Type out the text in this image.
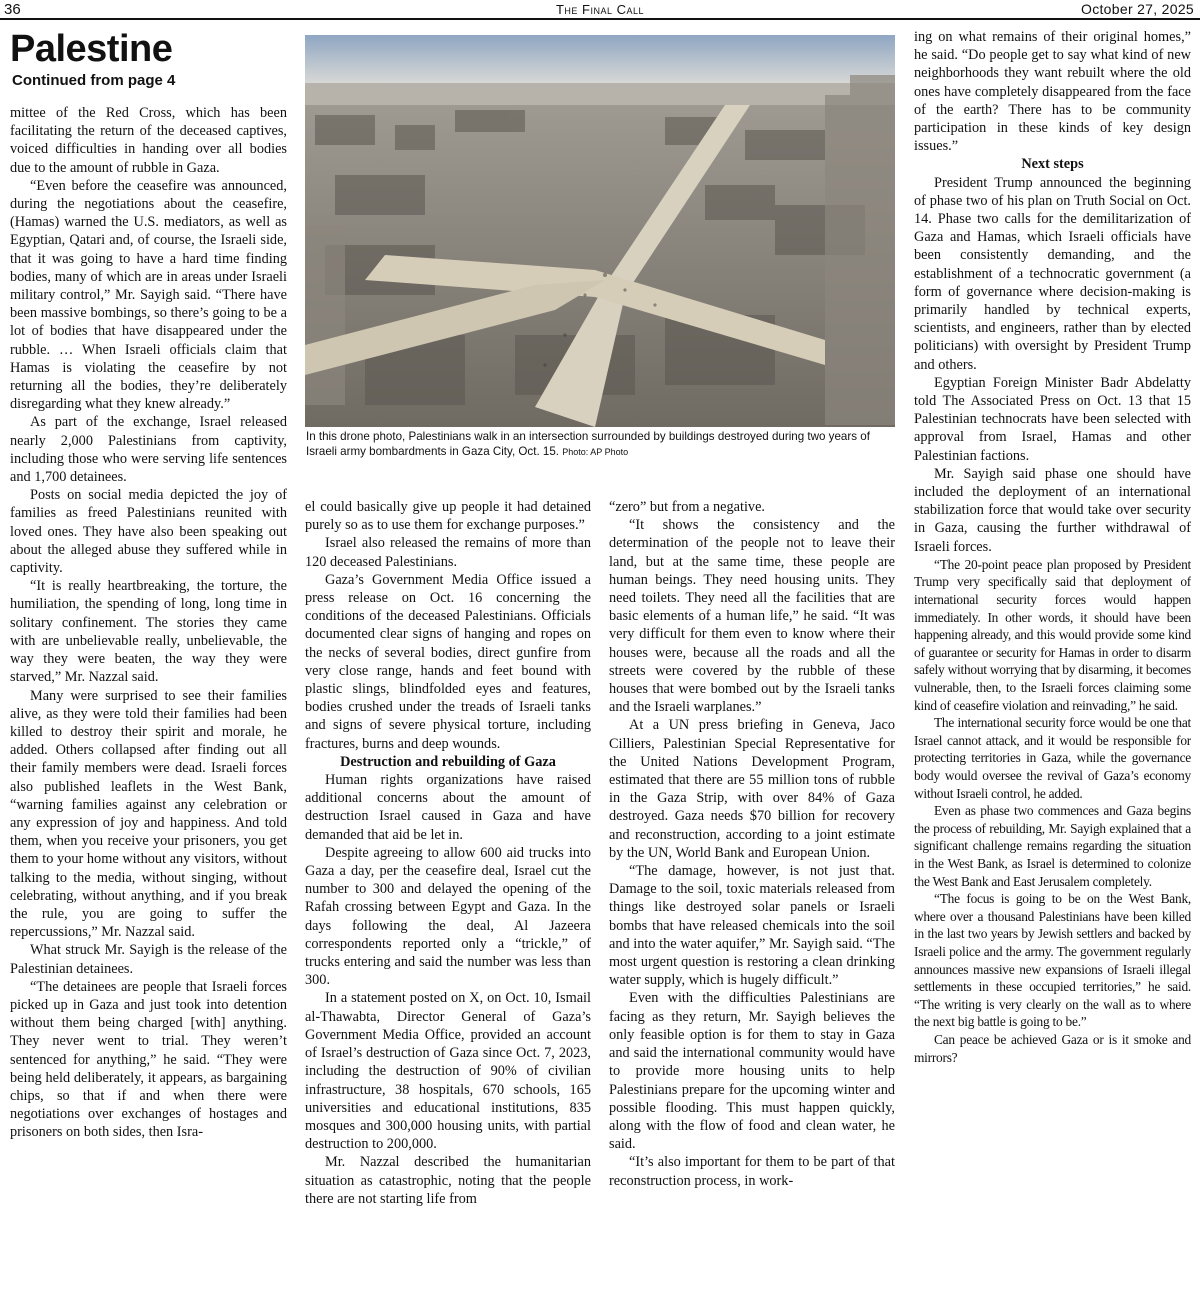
36	The Final Call	October 27, 2025
Palestine
Continued from page 4
In this drone photo, Palestinians walk in an intersection surrounded by buildings destroyed during two years of Israeli army bombardments in Gaza City, Oct. 15. Photo: AP Photo

mittee of the Red Cross, which has been facilitating the return of the deceased captives, voiced difficulties in handing over all bodies due to the amount of rubble in Gaza.

“Even before the ceasefire was announced, during the negotiations about the ceasefire, (Hamas) warned the U.S. mediators, as well as Egyptian, Qatari and, of course, the Israeli side, that it was going to have a hard time finding bodies, many of which are in areas under Israeli military control,” Mr. Sayigh said. “There have been massive bombings, so there’s going to be a lot of bodies that have disappeared under the rubble. … When Israeli officials claim that Hamas is violating the ceasefire by not returning all the bodies, they’re deliberately disregarding what they knew already.”

As part of the exchange, Israel released nearly 2,000 Palestinians from captivity, including those who were serving life sentences and 1,700 detainees.

Posts on social media depicted the joy of families as freed Palestinians reunited with loved ones. They have also been speaking out about the alleged abuse they suffered while in captivity.

“It is really heartbreaking, the torture, the humiliation, the spending of long, long time in solitary confinement. The stories they came with are unbelievable really, unbelievable, the way they were beaten, the way they were starved,” Mr. Nazzal said.

Many were surprised to see their families alive, as they were told their families had been killed to destroy their spirit and morale, he added. Others collapsed after finding out all their family members were dead. Israeli forces also published leaflets in the West Bank, “warning families against any celebration or any expression of joy and happiness. And told them, when you receive your prisoners, you get them to your home without any visitors, without talking to the media, without singing, without celebrating, without anything, and if you break the rule, you are going to suffer the repercussions,” Mr. Nazzal said.

What struck Mr. Sayigh is the release of the Palestinian detainees.

“The detainees are people that Israeli forces picked up in Gaza and just took into detention without them being charged [with] anything. They never went to trial. They weren’t sentenced for anything,” he said. “They were being held deliberately, it appears, as bargaining chips, so that if and when there were negotiations over exchanges of hostages and prisoners on both sides, then Isra-

el could basically give up people it had detained purely so as to use them for exchange purposes.”

Israel also released the remains of more than 120 deceased Palestinians.

Gaza’s Government Media Office issued a press release on Oct. 16 concerning the conditions of the deceased Palestinians. Officials documented clear signs of hanging and ropes on the necks of several bodies, direct gunfire from very close range, hands and feet bound with plastic slings, blindfolded eyes and features, bodies crushed under the treads of Israeli tanks and signs of severe physical torture, including fractures, burns and deep wounds.

Destruction and rebuilding of Gaza

Human rights organizations have raised additional concerns about the amount of destruction Israel caused in Gaza and have demanded that aid be let in.

Despite agreeing to allow 600 aid trucks into Gaza a day, per the ceasefire deal, Israel cut the number to 300 and delayed the opening of the Rafah crossing between Egypt and Gaza. In the days following the deal, Al Jazeera correspondents reported only a “trickle,” of trucks entering and said the number was less than 300.

In a statement posted on X, on Oct. 10, Ismail al-Thawabta, Director General of Gaza’s Government Media Office, provided an account of Israel’s destruction of Gaza since Oct. 7, 2023, including the destruction of 90% of civilian infrastructure, 38 hospitals, 670 schools, 165 universities and educational institutions, 835 mosques and 300,000 housing units, with partial destruction to 200,000.

Mr. Nazzal described the humanitarian situation as catastrophic, noting that the people there are not starting life from

“zero” but from a negative.

“It shows the consistency and the determination of the people not to leave their land, but at the same time, these people are human beings. They need housing units. They need toilets. They need all the facilities that are basic elements of a human life,” he said. “It was very difficult for them even to know where their houses were, because all the roads and all the streets were covered by the rubble of these houses that were bombed out by the Israeli tanks and the Israeli warplanes.”

At a UN press briefing in Geneva, Jaco Cilliers, Palestinian Special Representative for the United Nations Development Program, estimated that there are 55 million tons of rubble in the Gaza Strip, with over 84% of Gaza destroyed. Gaza needs $70 billion for recovery and reconstruction, according to a joint estimate by the UN, World Bank and European Union.

“The damage, however, is not just that. Damage to the soil, toxic materials released from things like destroyed solar panels or Israeli bombs that have released chemicals into the soil and into the water aquifer,” Mr. Sayigh said. “The most urgent question is restoring a clean drinking water supply, which is hugely difficult.”

Even with the difficulties Palestinians are facing as they return, Mr. Sayigh believes the only feasible option is for them to stay in Gaza and said the international community would have to provide more housing units to help Palestinians prepare for the upcoming winter and possible flooding. This must happen quickly, along with the flow of food and clean water, he said.

“It’s also important for them to be part of that reconstruction process, in work-

ing on what remains of their original homes,” he said. “Do people get to say what kind of new neighborhoods they want rebuilt where the old ones have completely disappeared from the face of the earth? There has to be community participation in these kinds of key design issues.”

Next steps

President Trump announced the beginning of phase two of his plan on Truth Social on Oct. 14. Phase two calls for the demilitarization of Gaza and Hamas, which Israeli officials have been consistently demanding, and the establishment of a technocratic government (a form of governance where decision-making is primarily handled by technical experts, scientists, and engineers, rather than by elected politicians) with oversight by President Trump and others.

Egyptian Foreign Minister Badr Abdelatty told The Associated Press on Oct. 13 that 15 Palestinian technocrats have been selected with approval from Israel, Hamas and other Palestinian factions.

Mr. Sayigh said phase one should have included the deployment of an international stabilization force that would take over security in Gaza, causing the further withdrawal of Israeli forces.

“The 20-point peace plan proposed by President Trump very specifically said that deployment of international security forces would happen immediately. In other words, it should have been happening already, and this would provide some kind of guarantee or security for Hamas in order to disarm safely without worrying that by disarming, it becomes vulnerable, then, to the Israeli forces claiming some kind of ceasefire violation and reinvading,” he said.

The international security force would be one that Israel cannot attack, and it would be responsible for protecting territories in Gaza, while the governance body would oversee the revival of Gaza’s economy without Israeli control, he added.

Even as phase two commences and Gaza begins the process of rebuilding, Mr. Sayigh explained that a significant challenge remains regarding the situation in the West Bank, as Israel is determined to colonize the West Bank and East Jerusalem completely.

“The focus is going to be on the West Bank, where over a thousand Palestinians have been killed in the last two years by Jewish settlers and backed by Israeli police and the army. The government regularly announces massive new expansions of Israeli illegal settlements in these occupied territories,” he said. “The writing is very clearly on the wall as to where the next big battle is going to be.”

Can peace be achieved Gaza or is it smoke and mirrors?
